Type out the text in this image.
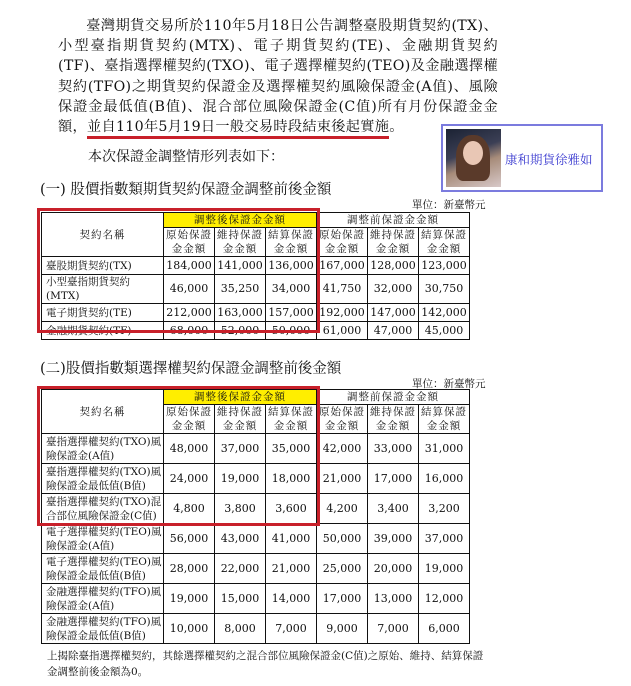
臺灣期貨交易所於110年5月18日公告調整臺股期貨契約(TX)、小型臺指期貨契約(MTX)、電子期貨契約(TE)、金融期貨契約(TF)、臺指選擇權契約(TXO)、電子選擇權契約(TEO)及金融選擇權契約(TFO)之期貨契約保證金及選擇權契約風險保證金(A值)、風險保證金最低值(B值)、混合部位風險保證金(C值)所有月份保證金金額，並自110年5月19日一般交易時段結束後起實施。
本次保證金調整情形列表如下：	康和期貨徐雅如
(一) 股價指數類期貨契約保證金調整前後金額
單位：新臺幣元
契約名稱	調整後保證金金額			調整前保證金金額		
	原始保證
金金額	維持保證
金金額	結算保證
金金額	原始保證
金金額	維持保證
金金額	結算保證
金金額
臺股期貨契約(TX)	184,000	141,000	136,000	167,000	128,000	123,000
小型臺指期貨契約(MTX)	46,000	35,250	34,000	41,750	32,000	30,750
電子期貨契約(TE)	212,000	163,000	157,000	192,000	147,000	142,000
金融期貨契約(TF)	68,000	52,000	50,000	61,000	47,000	45,000
(二)股價指數類選擇權契約保證金調整前後金額
單位：新臺幣元
契約名稱	調整後保證金金額			調整前保證金金額		
	原始保證
金金額	維持保證
金金額	結算保證
金金額	原始保證
金金額	維持保證
金金額	結算保證
金金額
臺指選擇權契約(TXO)風險保證金(A值)	48,000	37,000	35,000	42,000	33,000	31,000
臺指選擇權契約(TXO)風險保證金最低值(B值)	24,000	19,000	18,000	21,000	17,000	16,000
臺指選擇權契約(TXO)混合部位風險保證金(C值)	4,800	3,800	3,600	4,200	3,400	3,200
電子選擇權契約(TEO)風險保證金(A值)	56,000	43,000	41,000	50,000	39,000	37,000
電子選擇權契約(TEO)風險保證金最低值(B值)	28,000	22,000	21,000	25,000	20,000	19,000
金融選擇權契約(TFO)風險保證金(A值)	19,000	15,000	14,000	17,000	13,000	12,000
金融選擇權契約(TFO)風險保證金最低值(B值)	10,000	8,000	7,000	9,000	7,000	6,000
上揭除臺指選擇權契約，其餘選擇權契約之混合部位風險保證金(C值)之原始、維持、結算保證金調整前後金額為0。
